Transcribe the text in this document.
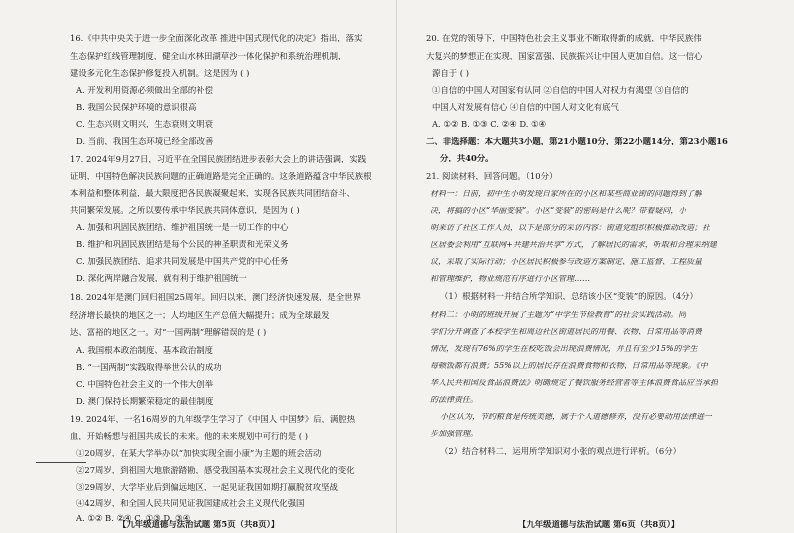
16.《中共中央关于进一步全面深化改革 推进中国式现代化的决定》指出，落实
生态保护红线管理制度，健全山水林田湖草沙一体化保护和系统治理机制，
建设多元化生态保护修复投入机制。这是因为 ( )
A. 开发利用资源必须做出全部的补偿
B. 我国公民保护环境的意识很高
C. 生态兴则文明兴，生态衰则文明衰
D. 当前，我国生态环境已经全部改善
17. 2024年9月27日，习近平在全国民族团结进步表彰大会上的讲话强调，实践
证明，中国特色解决民族问题的正确道路是完全正确的。这条道路蕴含中华民族根
本利益和整体利益，最大限度把各民族凝聚起来，实现各民族共同团结奋斗、
共同繁荣发展。之所以要传承中华民族共同体意识，是因为 ( )
A. 加强和巩固民族团结、维护祖国统一是一切工作的中心
B. 维护和巩固民族团结是每个公民的神圣职责和光荣义务
C. 加强民族团结，追求共同发展是中国共产党的中心任务
D. 深化两岸融合发展，就有利于维护祖国统一
18. 2024年是澳门回归祖国25周年。回归以来，澳门经济快速发展，是全世界
经济增长最快的地区之一；人均地区生产总值大幅提升；成为全球最发
达、富裕的地区之一。对“一国两制”理解错误的是 ( )
A. 我国根本政治制度、基本政治制度
B. “一国两制”实践取得举世公认的成功
C. 中国特色社会主义的一个伟大创举
D. 澳门保持长期繁荣稳定的最佳制度
19. 2024年，一名16周岁的九年级学生学习了《中国人 中国梦》后，满腔热
血，开始畅想与祖国共成长的未来。他的未来规划中可行的是 ( )
①20周岁，在某大学举办以“加快实现全面小康”为主题的班会活动
②27周岁，到祖国大地旅游踏勘，感受我国基本实现社会主义现代化的变化
③29周岁，大学毕业后到偏远地区，一起见证我国如期打赢脱贫攻坚战
④42周岁，和全国人民共同见证我国建成社会主义现代化强国
A. ①② B. ②④ C. ①③ D. ③④
【九年级道德与法治试题 第5页（共8页）】
20. 在党的领导下，中国特色社会主义事业不断取得新的成就，中华民族伟
大复兴的梦想正在实现，国家富强、民族振兴让中国人更加自信。这一信心
源自于 ( )
①自信的中国人对国家有认同 ②自信的中国人对权力有渴望 ③自信的
中国人对发展有信心 ④自信的中国人对文化有底气
A. ①② B. ①③ C. ②④ D. ①④
二、非选择题：本大题共3小题，第21小题10分，第22小题14分，第23小题16
分，共40分。
21. 阅读材料，回答问题。（10分）
材料一：日前，初中生小明发现自家所在的小区和某些商业街的问题得到了解
决，将搞的小区“华丽变装”。小区“变装”的密码是什么呢？带着疑问，小
明来访了社区工作人员，以下是部分的采访内容：街道党组织积极推动改造；社
区居委会利用“互联网+共建共治共享”方式，了解居民的需求，听取和合理采纳建
议，采取了实际行动；小区居民积极参与改造方案制定、施工监督、工程质量
和管理维护，物业规范有序进行小区管理……
（1）根据材料一并结合所学知识，总结该小区“变装”的原因。（4分）
材料二：小明的班级开展了主题为“中学生节俭教育”的社会实践活动。同
学们分开调查了本校学生和周边社区街道居民的用餐、衣物、日常用品等消费
情况，发现有76%的学生在校吃饭会出现浪费情况，并且有至少15%的学生
每顿饭都有浪费；55%以上的居民存在浪费食物和衣物、日常用品等现象。《中
华人民共和国反食品浪费法》明确规定了餐饮服务经营者等主体浪费食品应当承担
的法律责任。
小区认为，节约粮食是传统美德，属于个人道德修养，没有必要动用法律进一
步加强管理。
（2）结合材料二，运用所学知识对小张的观点进行评析。（6分）
【九年级道德与法治试题 第6页（共8页）】
